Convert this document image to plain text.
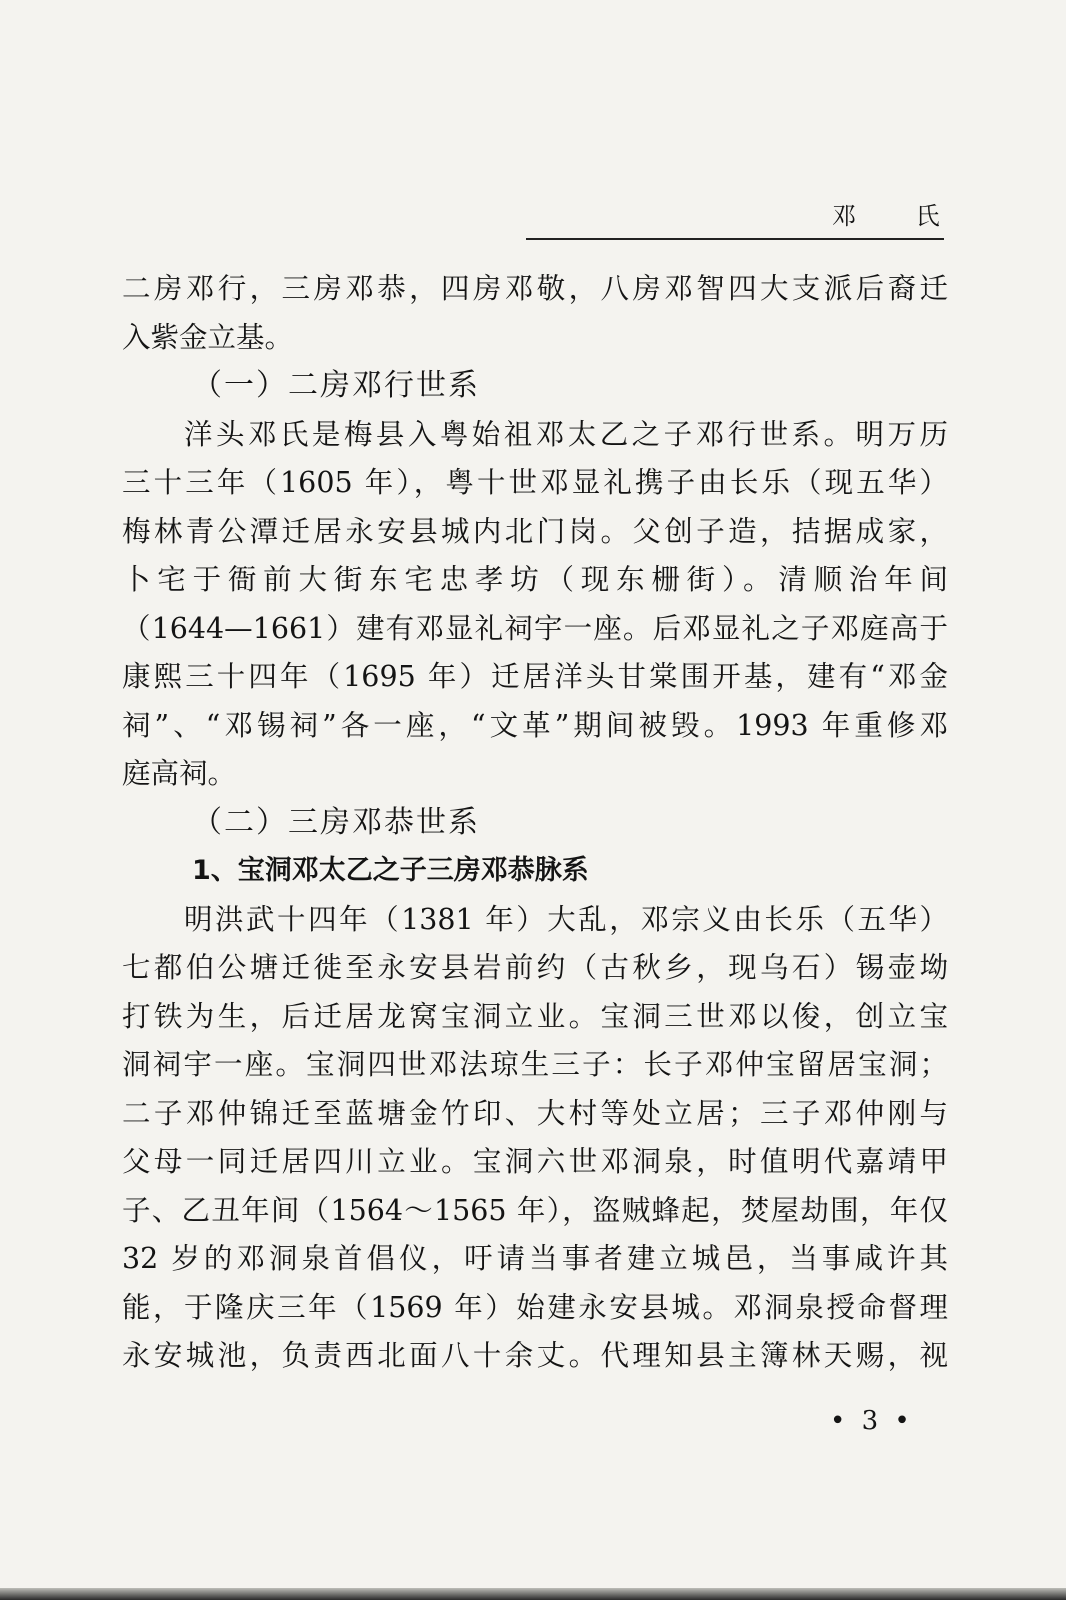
邓 氏
二房邓行，三房邓恭，四房邓敬，八房邓智四大支派后裔迁
入紫金立基。
（一）二房邓行世系
洋头邓氏是梅县入粤始祖邓太乙之子邓行世系。明万历
三十三年（1605 年），粤十世邓显礼携子由长乐（现五华）
梅林青公潭迁居永安县城内北门岗。父创子造，拮据成家，
卜宅于衙前大街东宅忠孝坊（现东栅街）。清顺治年间
（1644—1661）建有邓显礼祠宇一座。后邓显礼之子邓庭高于
康熙三十四年（1695 年）迁居洋头甘棠围开基，建有“邓金
祠”、“邓锡祠”各一座，“文革”期间被毁。1993 年重修邓
庭高祠。
（二）三房邓恭世系
1、宝洞邓太乙之子三房邓恭脉系
明洪武十四年（1381 年）大乱，邓宗义由长乐（五华）
七都伯公塘迁徙至永安县岩前约（古秋乡，现乌石）锡壶坳
打铁为生，后迁居龙窝宝洞立业。宝洞三世邓以俊，创立宝
洞祠宇一座。宝洞四世邓法琼生三子：长子邓仲宝留居宝洞；
二子邓仲锦迁至蓝塘金竹印、大村等处立居；三子邓仲刚与
父母一同迁居四川立业。宝洞六世邓洞泉，时值明代嘉靖甲
子、乙丑年间（1564～1565 年），盗贼蜂起，焚屋劫围，年仅
32 岁的邓洞泉首倡仪，吁请当事者建立城邑，当事咸许其
能，于隆庆三年（1569 年）始建永安县城。邓洞泉授命督理
永安城池，负责西北面八十余丈。代理知县主簿林天赐，视
• 3 •
